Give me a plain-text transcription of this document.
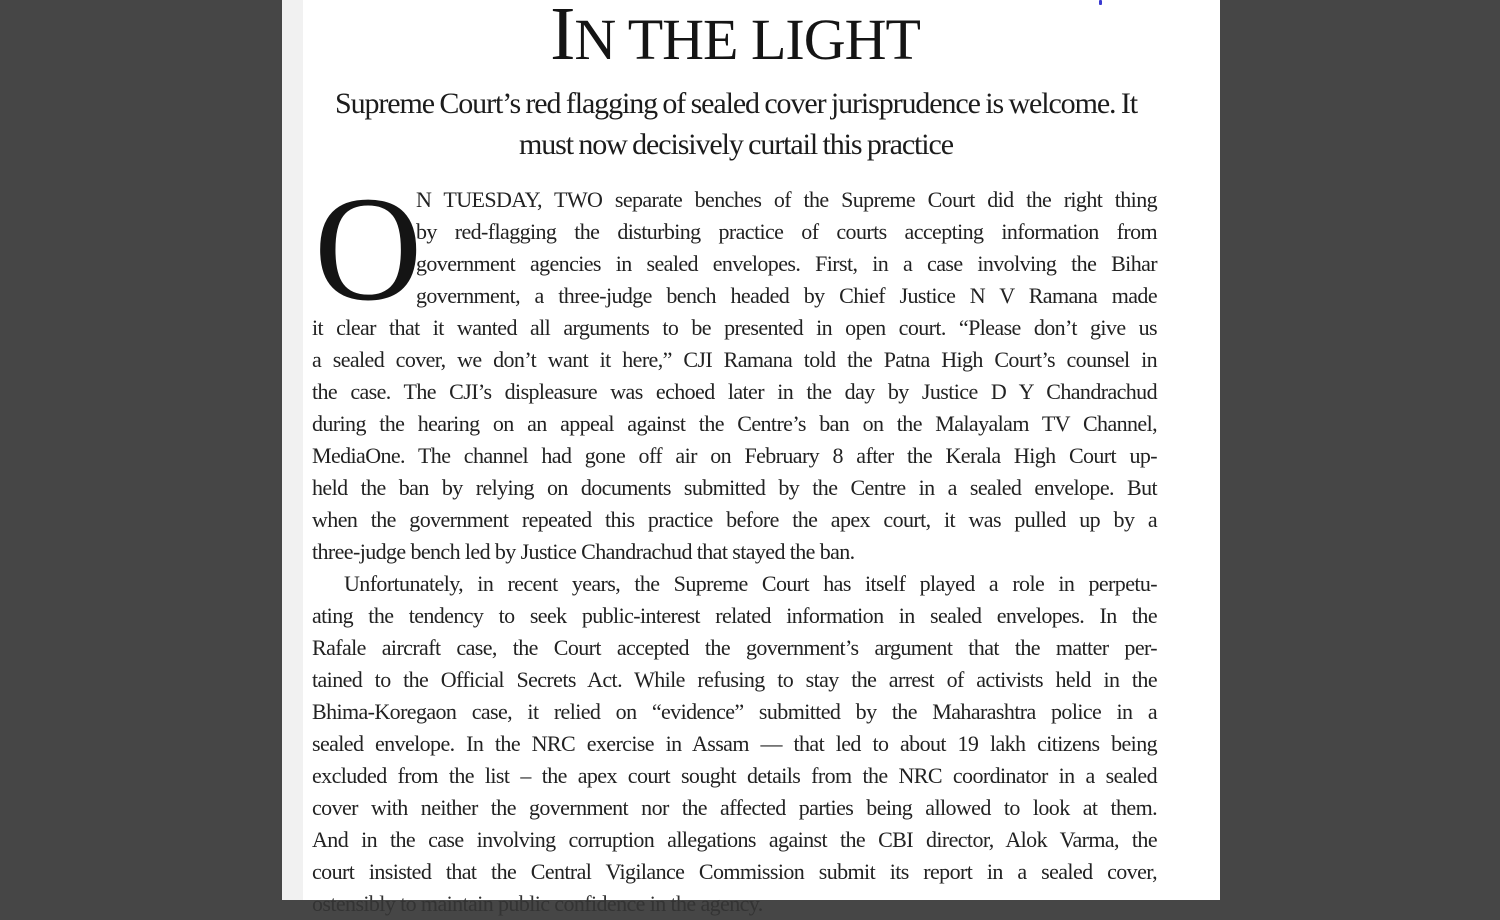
IN THE LIGHT
Supreme Court’s red flagging of sealed cover jurisprudence is welcome. It must now decisively curtail this practice
O
N TUESDAY, TWO separate benches of the Supreme Court did the right thing
by red-flagging the disturbing practice of courts accepting information from
government agencies in sealed envelopes. First, in a case involving the Bihar
government, a three-judge bench headed by Chief Justice N V Ramana made
it clear that it wanted all arguments to be presented in open court. “Please don’t give us
a sealed cover, we don’t want it here,” CJI Ramana told the Patna High Court’s counsel in
the case. The CJI’s displeasure was echoed later in the day by Justice D Y Chandrachud
during the hearing on an appeal against the Centre’s ban on the Malayalam TV Channel,
MediaOne. The channel had gone off air on February 8 after the Kerala High Court up-
held the ban by relying on documents submitted by the Centre in a sealed envelope. But
when the government repeated this practice before the apex court, it was pulled up by a
three-judge bench led by Justice Chandrachud that stayed the ban.
Unfortunately, in recent years, the Supreme Court has itself played a role in perpetu-
ating the tendency to seek public-interest related information in sealed envelopes. In the
Rafale aircraft case, the Court accepted the government’s argument that the matter per-
tained to the Official Secrets Act. While refusing to stay the arrest of activists held in the
Bhima-Koregaon case, it relied on “evidence” submitted by the Maharashtra police in a
sealed envelope. In the NRC exercise in Assam — that led to about 19 lakh citizens being
excluded from the list – the apex court sought details from the NRC coordinator in a sealed
cover with neither the government nor the affected parties being allowed to look at them.
And in the case involving corruption allegations against the CBI director, Alok Varma, the
court insisted that the Central Vigilance Commission submit its report in a sealed cover,
ostensibly to maintain public confidence in the agency.
